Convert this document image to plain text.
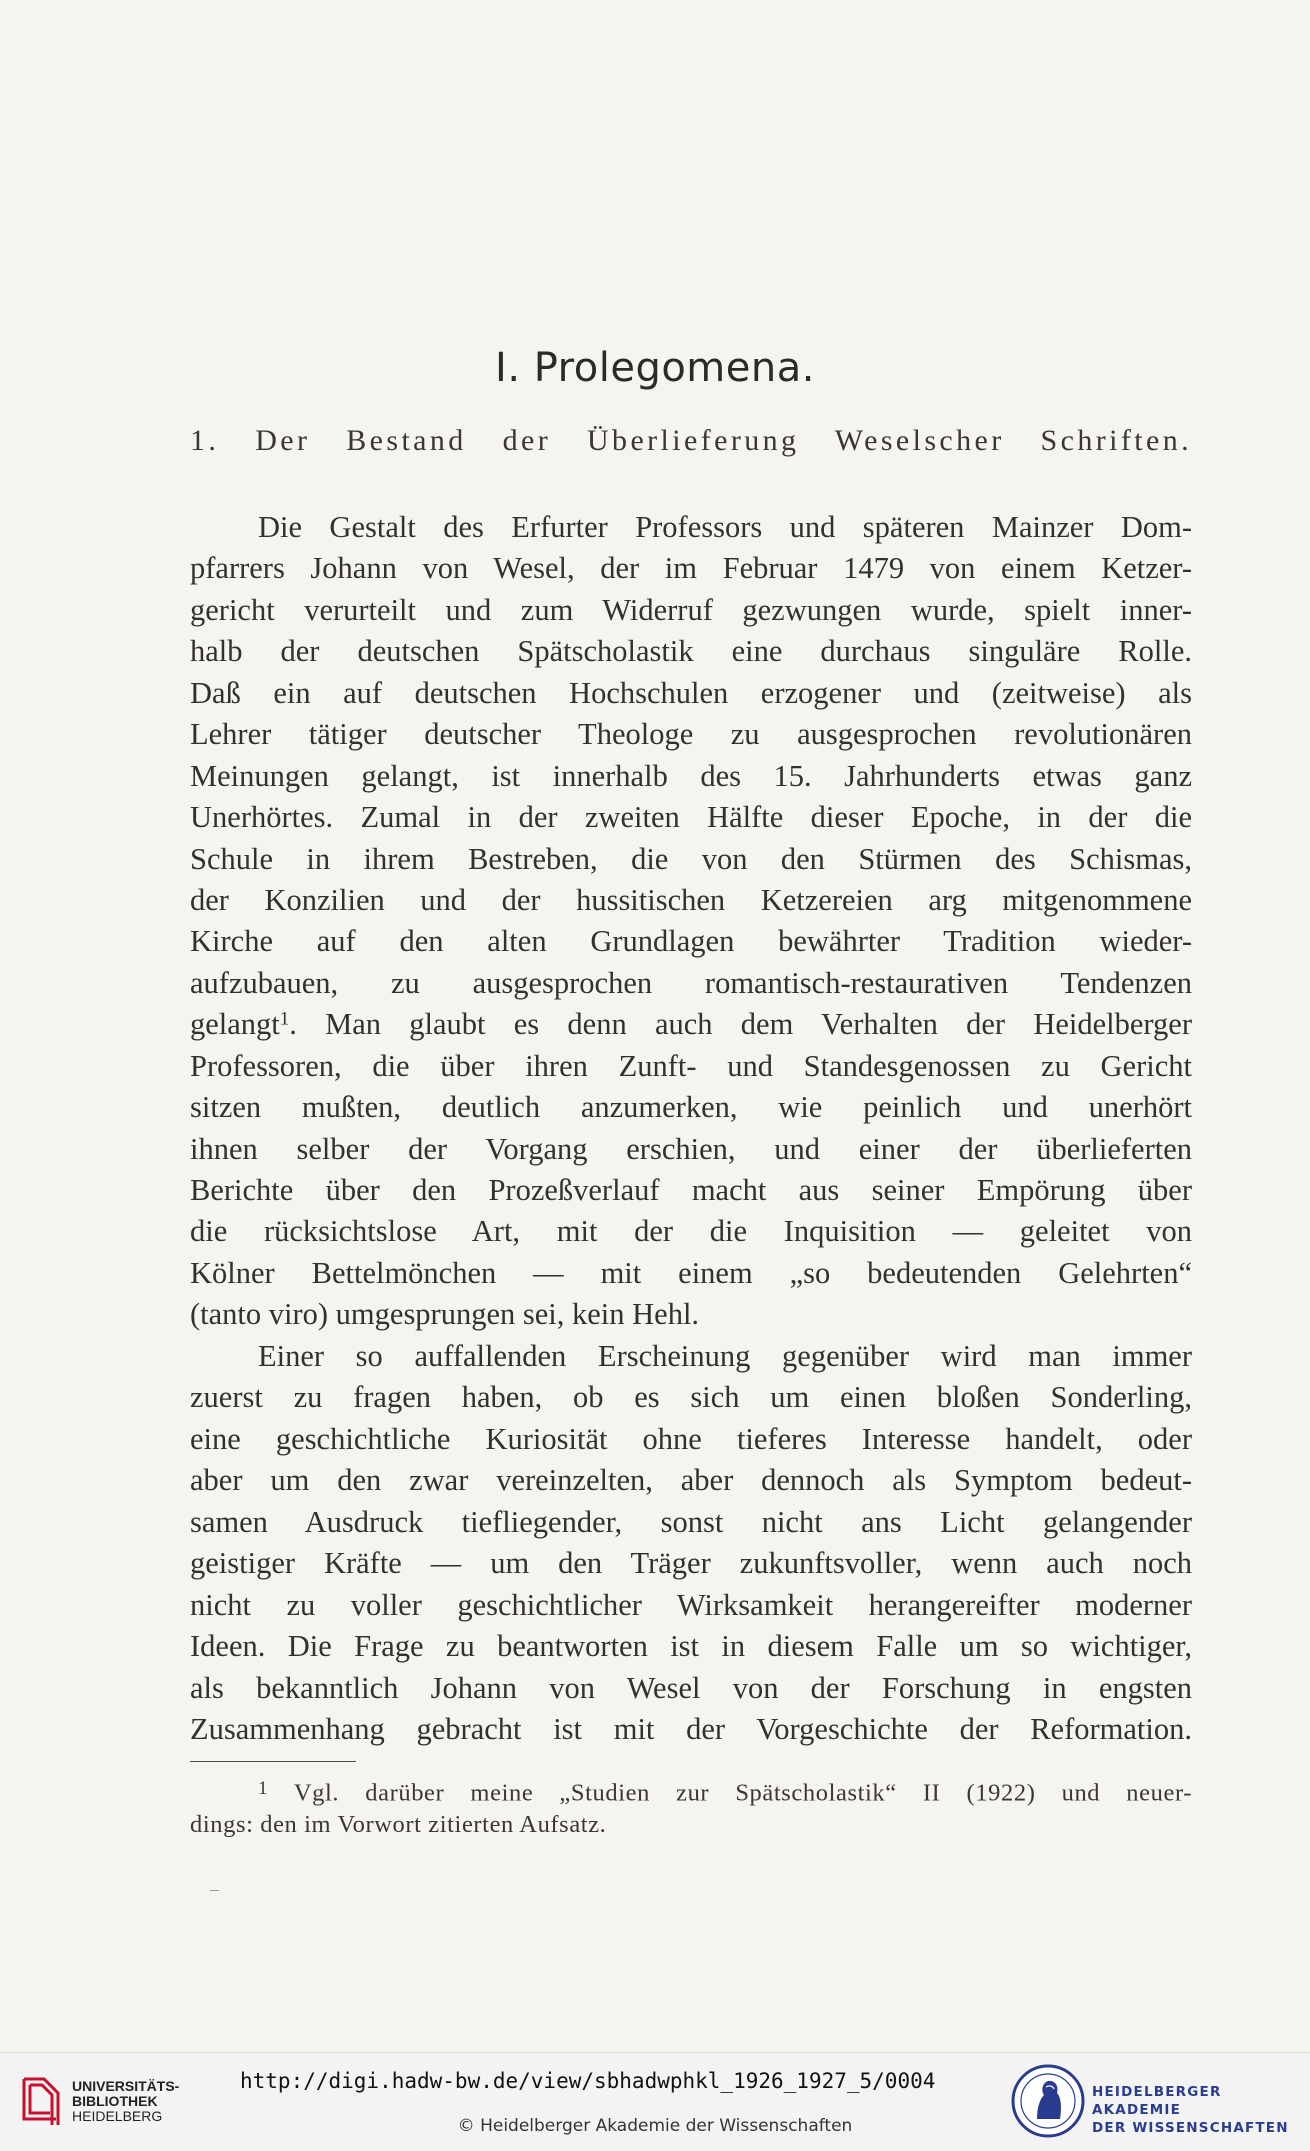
I. Prolegomena.
1. Der Bestand der Überlieferung Weselscher Schriften.
Die Gestalt des Erfurter Professors und späteren Mainzer Dom-
pfarrers Johann von Wesel, der im Februar 1479 von einem Ketzer-
gericht verurteilt und zum Widerruf gezwungen wurde, spielt inner-
halb der deutschen Spätscholastik eine durchaus singuläre Rolle.
Daß ein auf deutschen Hochschulen erzogener und (zeitweise) als
Lehrer tätiger deutscher Theologe zu ausgesprochen revolutionären
Meinungen gelangt, ist innerhalb des 15. Jahrhunderts etwas ganz
Unerhörtes. Zumal in der zweiten Hälfte dieser Epoche, in der die
Schule in ihrem Bestreben, die von den Stürmen des Schismas,
der Konzilien und der hussitischen Ketzereien arg mitgenommene
Kirche auf den alten Grundlagen bewährter Tradition wieder-
aufzubauen, zu ausgesprochen romantisch-restaurativen Tendenzen
gelangt$^1$. Man glaubt es denn auch dem Verhalten der Heidelberger
Professoren, die über ihren Zunft- und Standesgenossen zu Gericht
sitzen mußten, deutlich anzumerken, wie peinlich und unerhört
ihnen selber der Vorgang erschien, und einer der überlieferten
Berichte über den Prozeßverlauf macht aus seiner Empörung über
die rücksichtslose Art, mit der die Inquisition — geleitet von
Kölner Bettelmönchen — mit einem „so bedeutenden Gelehrten“
(tanto viro) umgesprungen sei, kein Hehl.
Einer so auffallenden Erscheinung gegenüber wird man immer
zuerst zu fragen haben, ob es sich um einen bloßen Sonderling,
eine geschichtliche Kuriosität ohne tieferes Interesse handelt, oder
aber um den zwar vereinzelten, aber dennoch als Symptom bedeut-
samen Ausdruck tiefliegender, sonst nicht ans Licht gelangender
geistiger Kräfte — um den Träger zukunftsvoller, wenn auch noch
nicht zu voller geschichtlicher Wirksamkeit herangereifter moderner
Ideen. Die Frage zu beantworten ist in diesem Falle um so wichtiger,
als bekanntlich Johann von Wesel von der Forschung in engsten
Zusammenhang gebracht ist mit der Vorgeschichte der Reformation.
$^1$ Vgl. darüber meine „Studien zur Spätscholastik“ II (1922) und neuer-
dings: den im Vorwort zitierten Aufsatz.
UNIVERSITÄTS-
BIBLIOTHEK
HEIDELBERG
http://digi.hadw-bw.de/view/sbhadwphkl_1926_1927_5/0004
© Heidelberger Akademie der Wissenschaften
HEIDELBERGER AKADEMIE
DER WISSENSCHAFTEN
